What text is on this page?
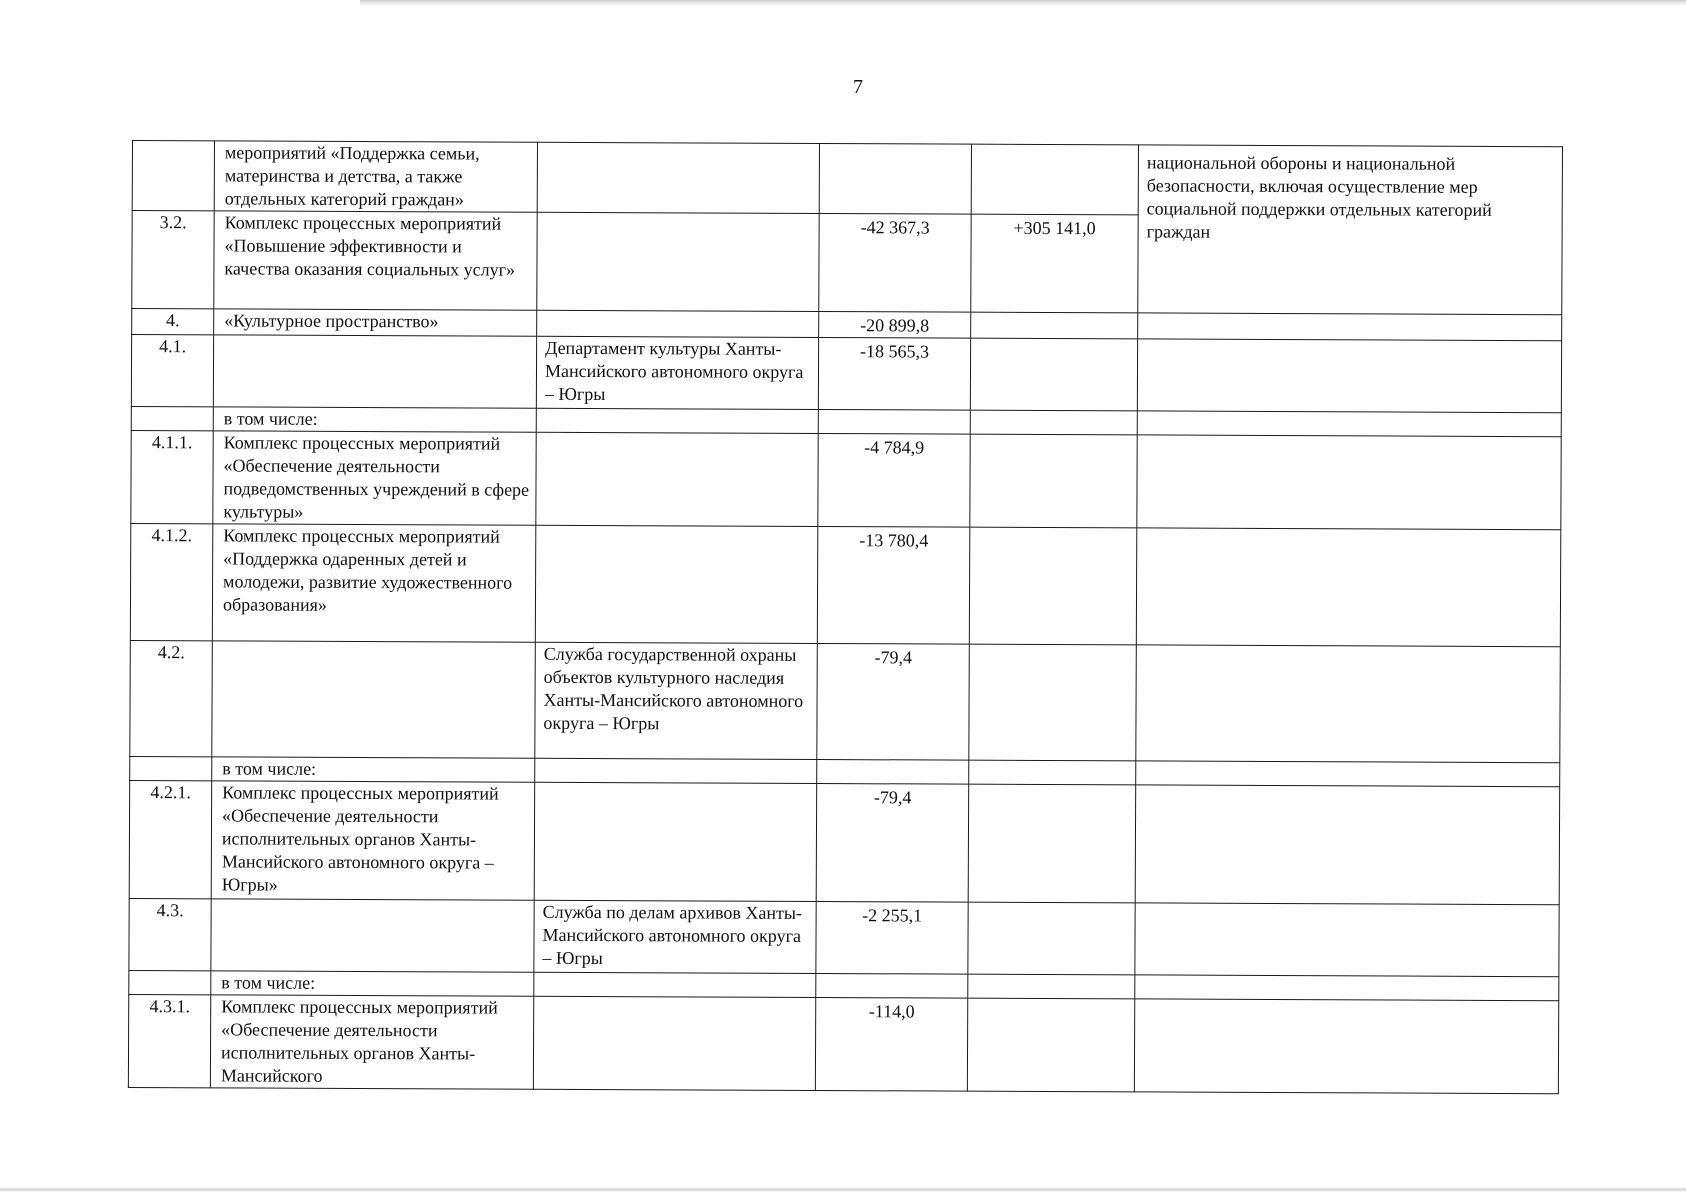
7
	мероприятий «Поддержка семьи, материнства и детства, а также отдельных категорий граждан»				национальной обороны и национальной безопасности, включая осуществление мер социальной поддержки отдельных категорий граждан
3.2.	Комплекс процессных мероприятий «Повышение эффективности и качества оказания социальных услуг»		-42 367,3	+305 141,0	
4.	«Культурное пространство»		-20 899,8		
4.1.		Департамент культуры Ханты-Мансийского автономного округа – Югры	-18 565,3		
	в том числе:				
4.1.1.	Комплекс процессных мероприятий «Обеспечение деятельности подведомственных учреждений в сфере культуры»		-4 784,9		
4.1.2.	Комплекс процессных мероприятий «Поддержка одаренных детей и молодежи, развитие художественного образования»		-13 780,4		
4.2.		Служба государственной охраны объектов культурного наследия Ханты-Мансийского автономного округа – Югры	-79,4		
	в том числе:				
4.2.1.	Комплекс процессных мероприятий «Обеспечение деятельности исполнительных органов Ханты-Мансийского автономного округа – Югры»		-79,4		
4.3.		Служба по делам архивов Ханты-Мансийского автономного округа – Югры	-2 255,1		
	в том числе:				
4.3.1.	Комплекс процессных мероприятий «Обеспечение деятельности исполнительных органов Ханты-Мансийского		-114,0		
